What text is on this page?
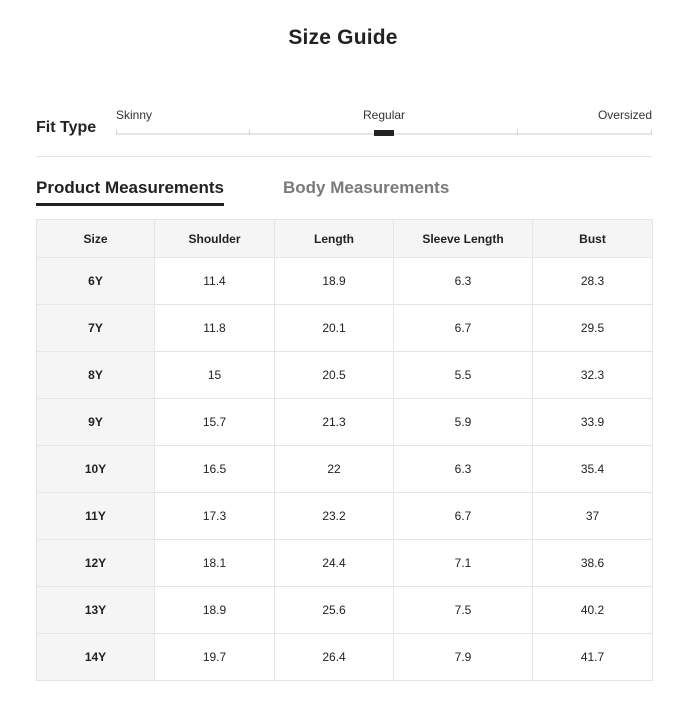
Size Guide
Fit Type
Skinny	Regular	Oversized
Product Measurements	Body Measurements
Size	Shoulder	Length	Sleeve Length	Bust
6Y	11.4	18.9	6.3	28.3
7Y	11.8	20.1	6.7	29.5
8Y	15	20.5	5.5	32.3
9Y	15.7	21.3	5.9	33.9
10Y	16.5	22	6.3	35.4
11Y	17.3	23.2	6.7	37
12Y	18.1	24.4	7.1	38.6
13Y	18.9	25.6	7.5	40.2
14Y	19.7	26.4	7.9	41.7
